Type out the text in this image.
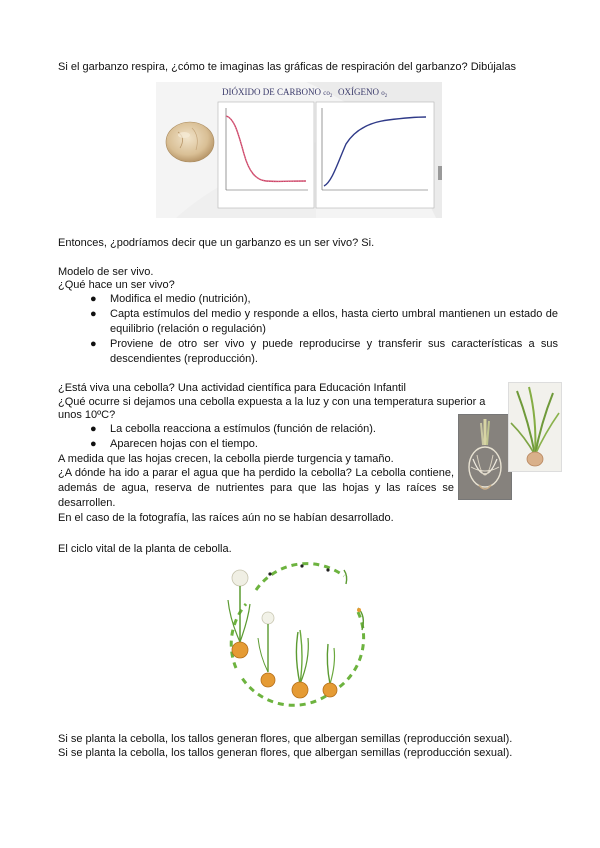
Si el garbanzo respira, ¿cómo te imaginas las gráficas de respiración del garbanzo? Dibújalas

DIÓXIDO DE CARBONO $co_2$ OXÍGENO $o_2$

Entonces, ¿podríamos decir que un garbanzo es un ser vivo? Si.

Modelo de ser vivo.

¿Qué hace un ser vivo?

● Modifica el medio (nutrición),
● Capta estímulos del medio y responde a ellos, hasta cierto umbral mantienen un estado de equilibrio (relación o regulación)
● Proviene de otro ser vivo y puede reproducirse y transferir sus características a sus descendientes (reproducción).

¿Está viva una cebolla? Una actividad científica para Educación Infantil

¿Qué ocurre si dejamos una cebolla expuesta a la luz y con una temperatura superior a

unos 10ºC?

● La cebolla reacciona a estímulos (función de relación).
● Aparecen hojas con el tiempo.

A medida que las hojas crecen, la cebolla pierde turgencia y tamaño.

¿A dónde ha ido a parar el agua que ha perdido la cebolla? La cebolla contiene, además de agua, reserva de nutrientes para que las hojas y las raíces se desarrollen.

En el caso de la fotografía, las raíces aún no se habían desarrollado.

El ciclo vital de la planta de cebolla.

Si se planta la cebolla, los tallos generan flores, que albergan semillas (reproducción sexual).

Si se planta la cebolla, los tallos generan flores, que albergan semillas (reproducción sexual).
